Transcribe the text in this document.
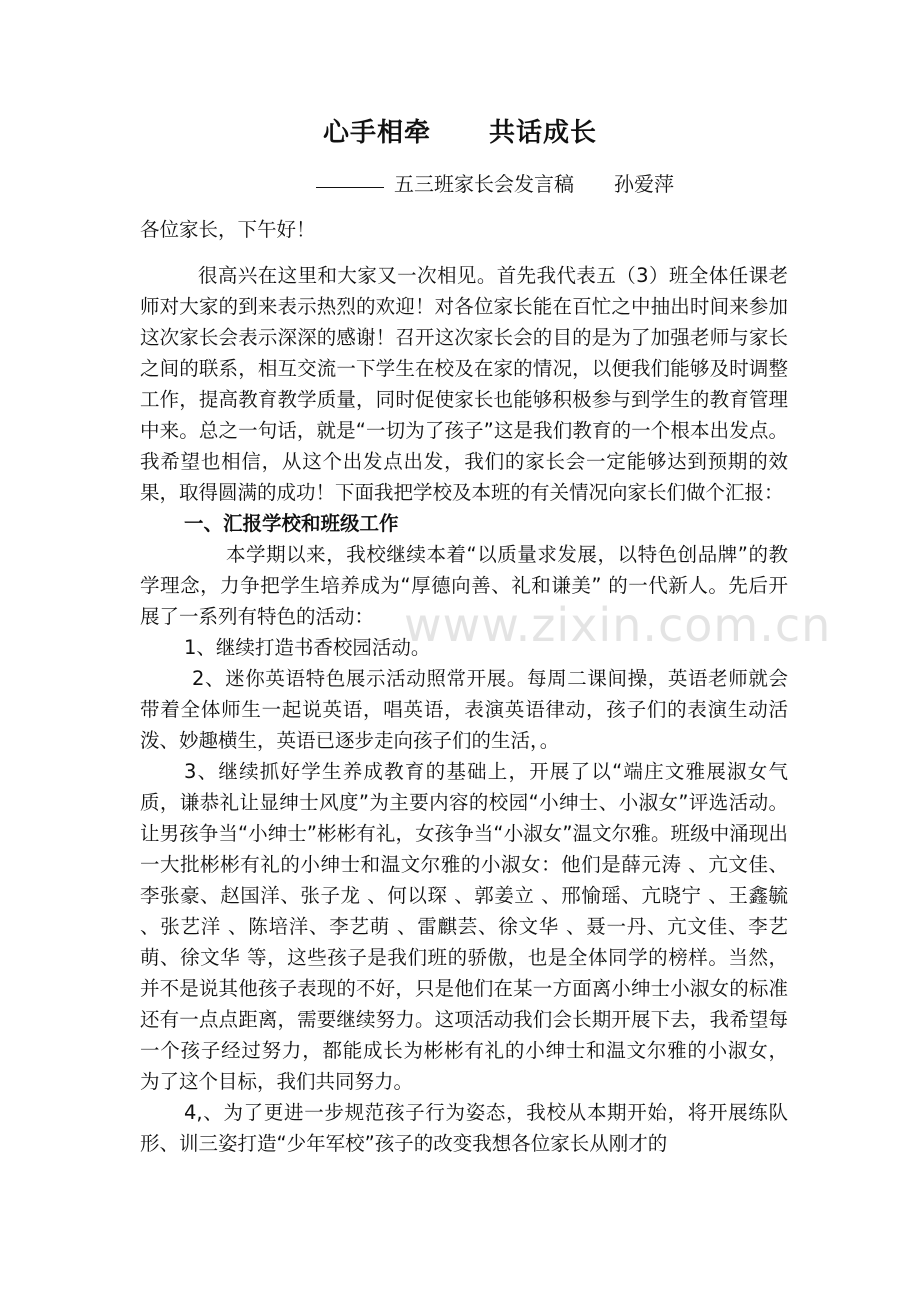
心手相牵 共话成长
五三班家长会发言稿 孙爱萍

各位家长，下午好！

很高兴在这里和大家又一次相见。首先我代表五（3）班全体任课老师对大家的到来表示热烈的欢迎！对各位家长能在百忙之中抽出时间来参加这次家长会表示深深的感谢！召开这次家长会的目的是为了加强老师与家长之间的联系，相互交流一下学生在校及在家的情况，以便我们能够及时调整工作，提高教育教学质量，同时促使家长也能够积极参与到学生的教育管理中来。总之一句话，就是“一切为了孩子”这是我们教育的一个根本出发点。我希望也相信，从这个出发点出发，我们的家长会一定能够达到预期的效果，取得圆满的成功！下面我把学校及本班的有关情况向家长们做个汇报：

一、汇报学校和班级工作

本学期以来，我校继续本着“以质量求发展，以特色创品牌”的教学理念，力争把学生培养成为“厚德向善、礼和谦美” 的一代新人。先后开展了一系列有特色的活动：

1、继续打造书香校园活动。

2、迷你英语特色展示活动照常开展。每周二课间操，英语老师就会带着全体师生一起说英语，唱英语，表演英语律动，孩子们的表演生动活泼、妙趣横生，英语已逐步走向孩子们的生活，。

3、继续抓好学生养成教育的基础上，开展了以“端庄文雅展淑女气质，谦恭礼让显绅士风度”为主要内容的校园“小绅士、小淑女”评选活动。让男孩争当“小绅士”彬彬有礼，女孩争当“小淑女”温文尔雅。班级中涌现出一大批彬彬有礼的小绅士和温文尔雅的小淑女：他们是薛元涛 、亢文佳、李张豪、赵国洋、张子龙 、何以琛 、郭姜立 、邢愉瑶、亢晓宁 、王鑫毓 、张艺洋 、陈培洋、李艺萌 、雷麒芸、徐文华 、聂一丹、亢文佳、李艺萌、徐文华 等，这些孩子是我们班的骄傲，也是全体同学的榜样。当然，并不是说其他孩子表现的不好，只是他们在某一方面离小绅士小淑女的标准还有一点点距离，需要继续努力。这项活动我们会长期开展下去，我希望每一个孩子经过努力，都能成长为彬彬有礼的小绅士和温文尔雅的小淑女， 为了这个目标，我们共同努力。

4,、为了更进一步规范孩子行为姿态，我校从本期开始，将开展练队形、训三姿打造“少年军校”孩子的改变我想各位家长从刚才的

www.zixin.com.cn
